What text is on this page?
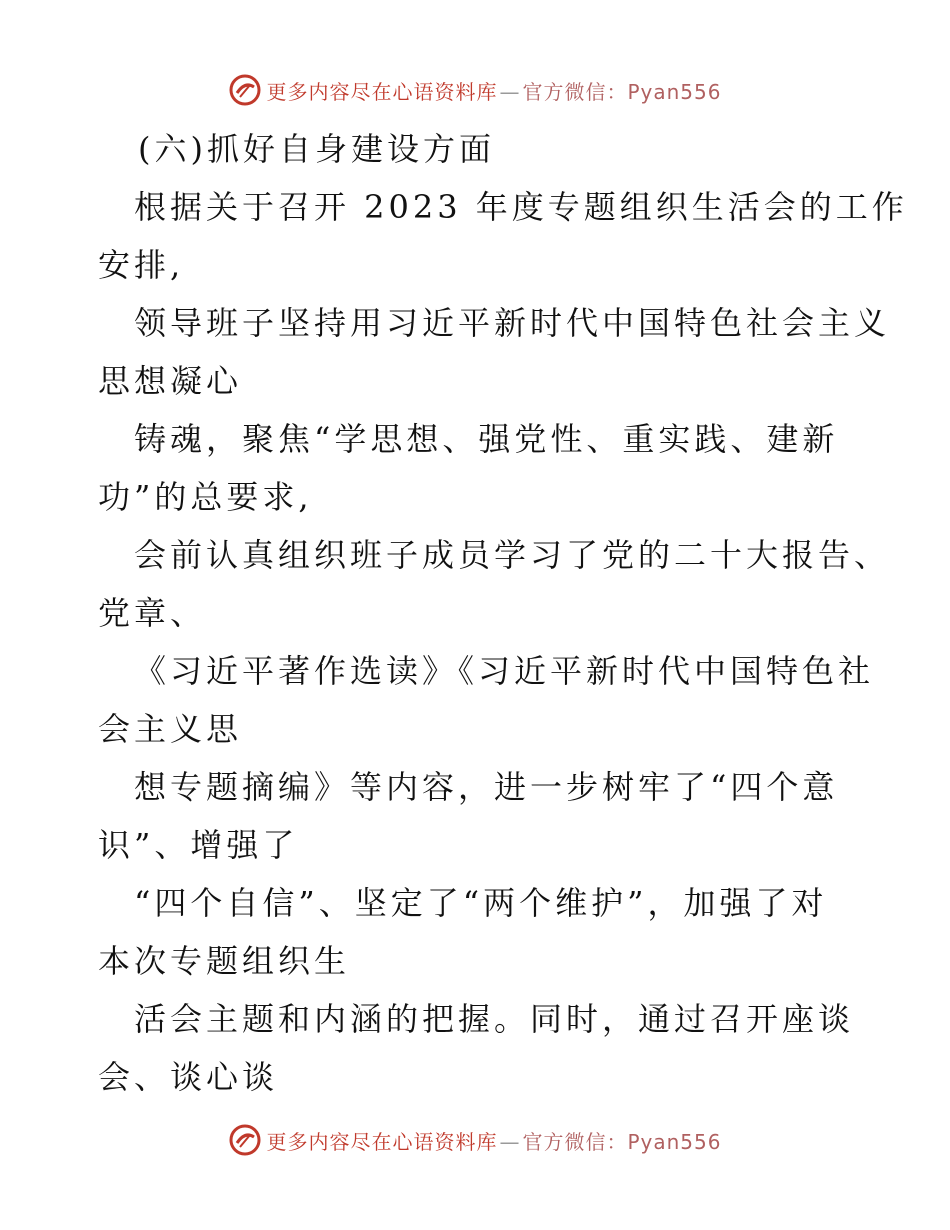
更多内容尽在心语资料库 — 官方微信：Pyan556
(六)抓好自身建设方面
根据关于召开 2023 年度专题组织生活会的工作
安排,
领导班子坚持用习近平新时代中国特色社会主义
思想凝心
铸魂，聚焦“学思想、强党性、重实践、建新
功”的总要求,
会前认真组织班子成员学习了党的二十大报告、
党章、
《习近平著作选读》《习近平新时代中国特色社
会主义思
想专题摘编》等内容，进一步树牢了“四个意
识”、增强了
“四个自信”、坚定了“两个维护”，加强了对
本次专题组织生
活会主题和内涵的把握。同时，通过召开座谈
会、谈心谈
更多内容尽在心语资料库 — 官方微信：Pyan556
